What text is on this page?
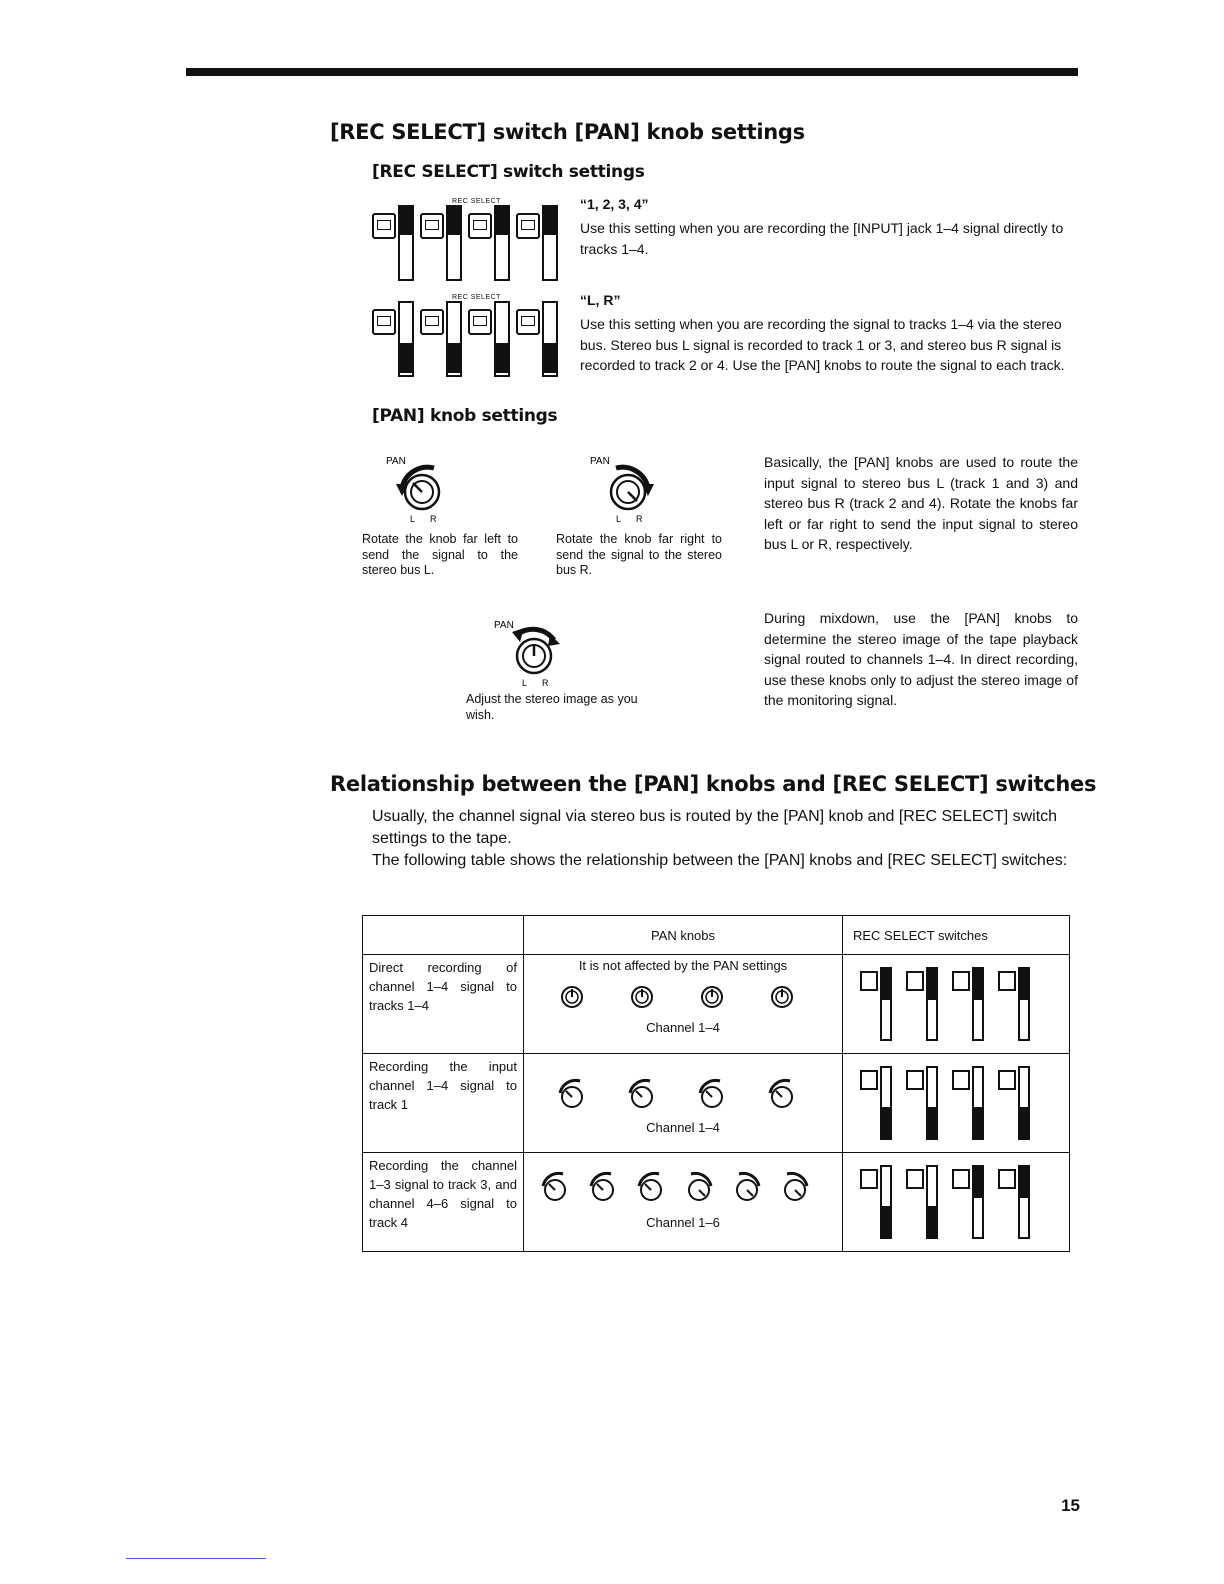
[REC SELECT] switch [PAN] knob settings
[REC SELECT] switch settings
REC SELECT	“1, 2, 3, 4”
Use this setting when you are recording the [INPUT] jack 1–4 signal directly to tracks 1–4.
REC SELECT	“L, R”
Use this setting when you are recording the signal to tracks 1–4 via the stereo bus. Stereo bus L signal is recorded to track 1 or 3, and stereo bus R signal is recorded to track 2 or 4. Use the [PAN] knobs to route the signal to each track.
[PAN] knob settings
PAN
L R
Rotate the knob far left to send the signal to the stereo bus L.
PAN
L R
Rotate the knob far right to send the signal to the stereo bus R.
PAN
L R
Adjust the stereo image as you wish.
Basically, the [PAN] knobs are used to route the input signal to stereo bus L (track 1 and 3) and stereo bus R (track 2 and 4). Rotate the knobs far left or far right to send the input signal to stereo bus L or R, respectively.
During mixdown, use the [PAN] knobs to determine the stereo image of the tape playback signal routed to channels 1–4. In direct recording, use these knobs only to adjust the stereo image of the monitoring signal.
Relationship between the [PAN] knobs and [REC SELECT] switches
Usually, the channel signal via stereo bus is routed by the [PAN] knob and [REC SELECT] switch settings to the tape.
The following table shows the relationship between the [PAN] knobs and [REC SELECT] switches:
	PAN knobs	REC SELECT switches
Direct recording of channel 1–4 signal to tracks 1–4	It is not affected by the PAN settings
Channel 1–4

Recording the input channel 1–4 signal to track 1	Channel 1–4

Recording the channel 1–3 signal to track 3, and channel 4–6 signal to track 4	Channel 1–6

15
